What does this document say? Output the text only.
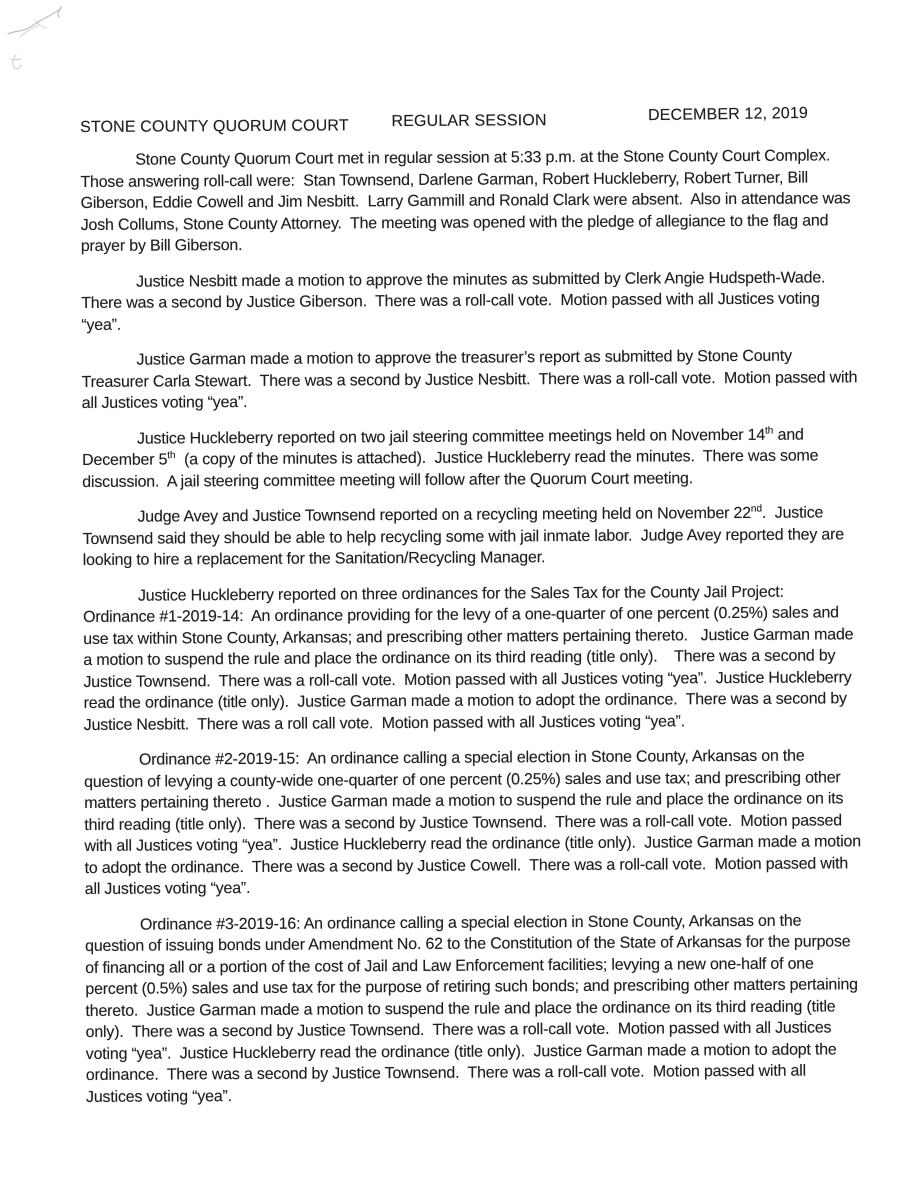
STONE COUNTY QUORUM COURT	REGULAR SESSION	DECEMBER 12, 2019

Stone County Quorum Court met in regular session at 5:33 p.m. at the Stone County Court Complex.  Those answering roll-call were:  Stan Townsend, Darlene Garman, Robert Huckleberry, Robert Turner, Bill Giberson, Eddie Cowell and Jim Nesbitt.  Larry Gammill and Ronald Clark were absent.  Also in attendance was Josh Collums, Stone County Attorney.  The meeting was opened with the pledge of allegiance to the flag and prayer by Bill Giberson.

Justice Nesbitt made a motion to approve the minutes as submitted by Clerk Angie Hudspeth-Wade.  There was a second by Justice Giberson.  There was a roll-call vote.  Motion passed with all Justices voting “yea”.

Justice Garman made a motion to approve the treasurer’s report as submitted by Stone County Treasurer Carla Stewart.  There was a second by Justice Nesbitt.  There was a roll-call vote.  Motion passed with all Justices voting “yea”.

Justice Huckleberry reported on two jail steering committee meetings held on November 14th and December 5th  (a copy of the minutes is attached).  Justice Huckleberry read the minutes.  There was some discussion.  A jail steering committee meeting will follow after the Quorum Court meeting.

Judge Avey and Justice Townsend reported on a recycling meeting held on November 22nd.  Justice Townsend said they should be able to help recycling some with jail inmate labor.  Judge Avey reported they are looking to hire a replacement for the Sanitation/Recycling Manager.

Justice Huckleberry reported on three ordinances for the Sales Tax for the County Jail Project:  Ordinance #1-2019-14:  An ordinance providing for the levy of a one-quarter of one percent (0.25%) sales and use tax within Stone County, Arkansas; and prescribing other matters pertaining thereto.   Justice Garman made a motion to suspend the rule and place the ordinance on its third reading (title only).    There was a second by Justice Townsend.  There was a roll-call vote.  Motion passed with all Justices voting “yea”.  Justice Huckleberry read the ordinance (title only).  Justice Garman made a motion to adopt the ordinance.  There was a second by Justice Nesbitt.  There was a roll call vote.  Motion passed with all Justices voting “yea”.

Ordinance #2-2019-15:  An ordinance calling a special election in Stone County, Arkansas on the question of levying a county-wide one-quarter of one percent (0.25%) sales and use tax; and prescribing other matters pertaining thereto .  Justice Garman made a motion to suspend the rule and place the ordinance on its third reading (title only).  There was a second by Justice Townsend.  There was a roll-call vote.  Motion passed with all Justices voting “yea”.  Justice Huckleberry read the ordinance (title only).  Justice Garman made a motion to adopt the ordinance.  There was a second by Justice Cowell.  There was a roll-call vote.  Motion passed with all Justices voting “yea”.

Ordinance #3-2019-16: An ordinance calling a special election in Stone County, Arkansas on the question of issuing bonds under Amendment No. 62 to the Constitution of the State of Arkansas for the purpose of financing all or a portion of the cost of Jail and Law Enforcement facilities; levying a new one-half of one percent (0.5%) sales and use tax for the purpose of retiring such bonds; and prescribing other matters pertaining thereto.  Justice Garman made a motion to suspend the rule and place the ordinance on its third reading (title only).  There was a second by Justice Townsend.  There was a roll-call vote.  Motion passed with all Justices voting “yea”.  Justice Huckleberry read the ordinance (title only).  Justice Garman made a motion to adopt the ordinance.  There was a second by Justice Townsend.  There was a roll-call vote.  Motion passed with all Justices voting “yea”.
